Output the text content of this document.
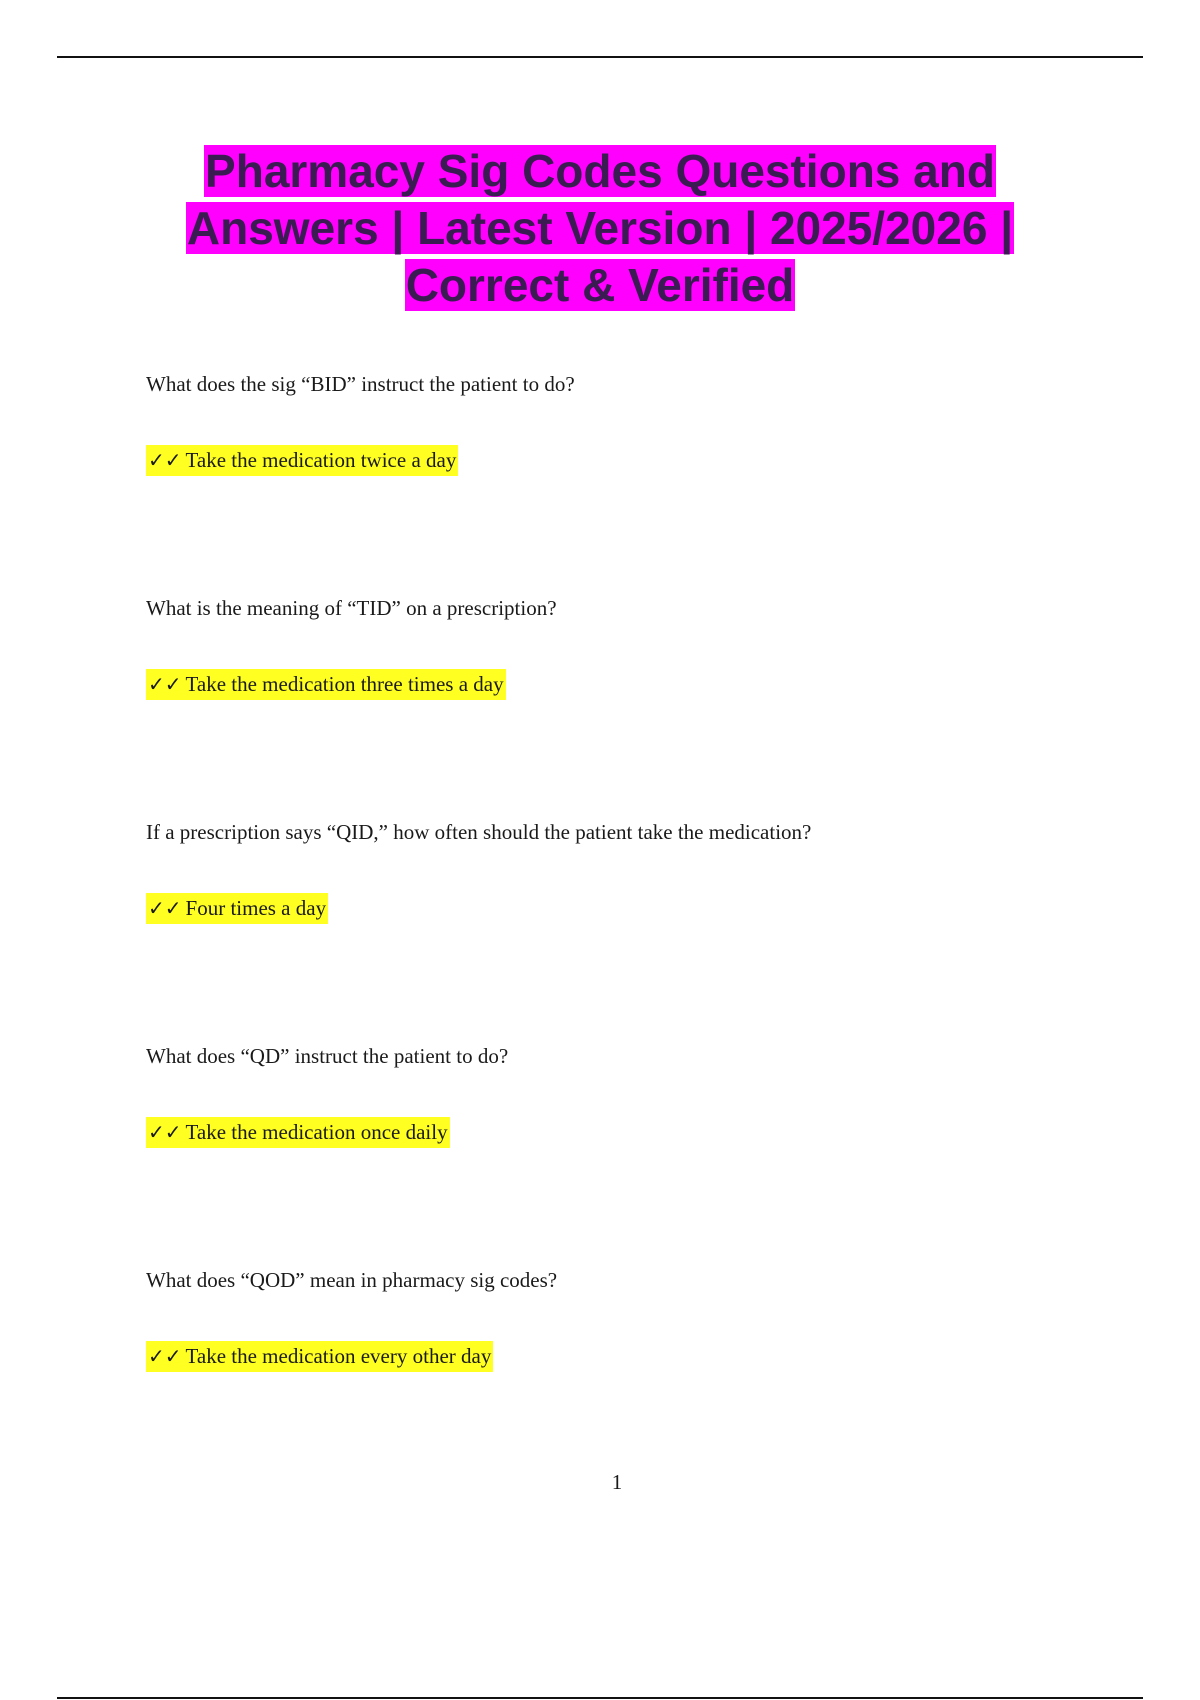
Pharmacy Sig Codes Questions and Answers | Latest Version | 2025/2026 | Correct & Verified

What does the sig “BID” instruct the patient to do?

✓✓ Take the medication twice a day

What is the meaning of “TID” on a prescription?

✓✓ Take the medication three times a day

If a prescription says “QID,” how often should the patient take the medication?

✓✓ Four times a day

What does “QD” instruct the patient to do?

✓✓ Take the medication once daily

What does “QOD” mean in pharmacy sig codes?

✓✓ Take the medication every other day

1
